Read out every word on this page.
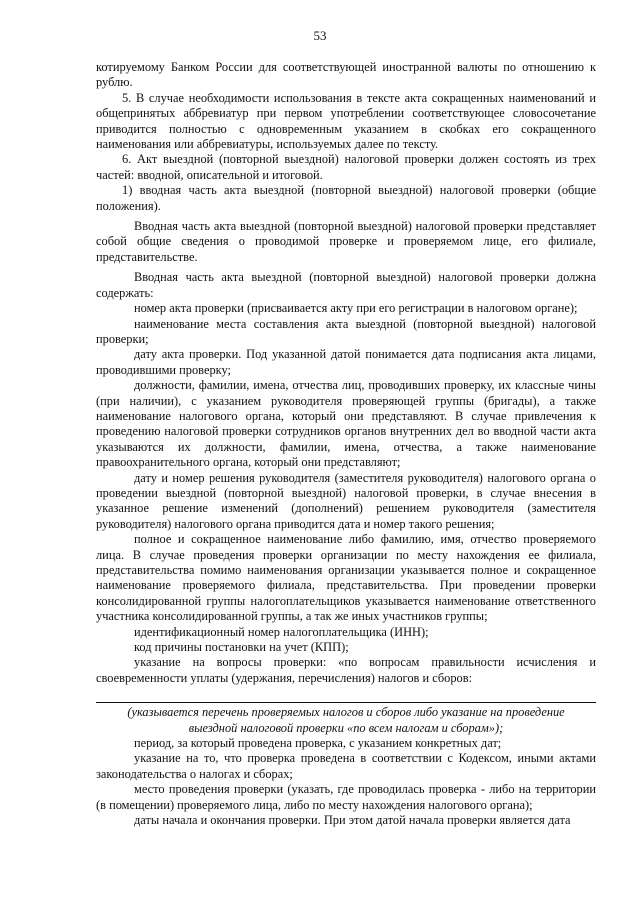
53

котируемому Банком России для соответствующей иностранной валюты по отношению к рублю.

5. В случае необходимости использования в тексте акта сокращенных наименований и общепринятых аббревиатур при первом употреблении соответствующее словосочетание приводится полностью с одновременным указанием в скобках его сокращенного наименования или аббревиатуры, используемых далее по тексту.

6. Акт выездной (повторной выездной) налоговой проверки должен состоять из трех частей: вводной, описательной и итоговой.

1) вводная часть акта выездной (повторной выездной) налоговой проверки (общие положения).

Вводная часть акта выездной (повторной выездной) налоговой проверки представляет собой общие сведения о проводимой проверке и проверяемом лице, его филиале, представительстве.

Вводная часть акта выездной (повторной выездной) налоговой проверки должна содержать:

номер акта проверки (присваивается акту при его регистрации в налоговом органе);

наименование места составления акта выездной (повторной выездной) налоговой проверки;

дату акта проверки. Под указанной датой понимается дата подписания акта лицами, проводившими проверку;

должности, фамилии, имена, отчества лиц, проводивших проверку, их классные чины (при наличии), с указанием руководителя проверяющей группы (бригады), а также наименование налогового органа, который они представляют. В случае привлечения к проведению налоговой проверки сотрудников органов внутренних дел во вводной части акта указываются их должности, фамилии, имена, отчества, а также наименование правоохранительного органа, который они представляют;

дату и номер решения руководителя (заместителя руководителя) налогового органа о проведении выездной (повторной выездной) налоговой проверки, в случае внесения в указанное решение изменений (дополнений) решением руководителя (заместителя руководителя) налогового органа приводится дата и номер такого решения;

полное и сокращенное наименование либо фамилию, имя, отчество проверяемого лица. В случае проведения проверки организации по месту нахождения ее филиала, представительства помимо наименования организации указывается полное и сокращенное наименование проверяемого филиала, представительства. При проведении проверки консолидированной группы налогоплательщиков указывается наименование ответственного участника консолидированной группы, а так же иных участников группы;

идентификационный номер налогоплательщика (ИНН);

код причины постановки на учет (КПП);

указание на вопросы проверки: «по вопросам правильности исчисления и своевременности уплаты (удержания, перечисления) налогов и сборов:

(указывается перечень проверяемых налогов и сборов либо указание на проведение выездной налоговой проверки «по всем налогам и сборам»);

период, за который проведена проверка, с указанием конкретных дат;

указание на то, что проверка проведена в соответствии с Кодексом, иными актами законодательства о налогах и сборах;

место проведения проверки (указать, где проводилась проверка - либо на территории (в помещении) проверяемого лица, либо по месту нахождения налогового органа);

даты начала и окончания проверки. При этом датой начала проверки является дата
